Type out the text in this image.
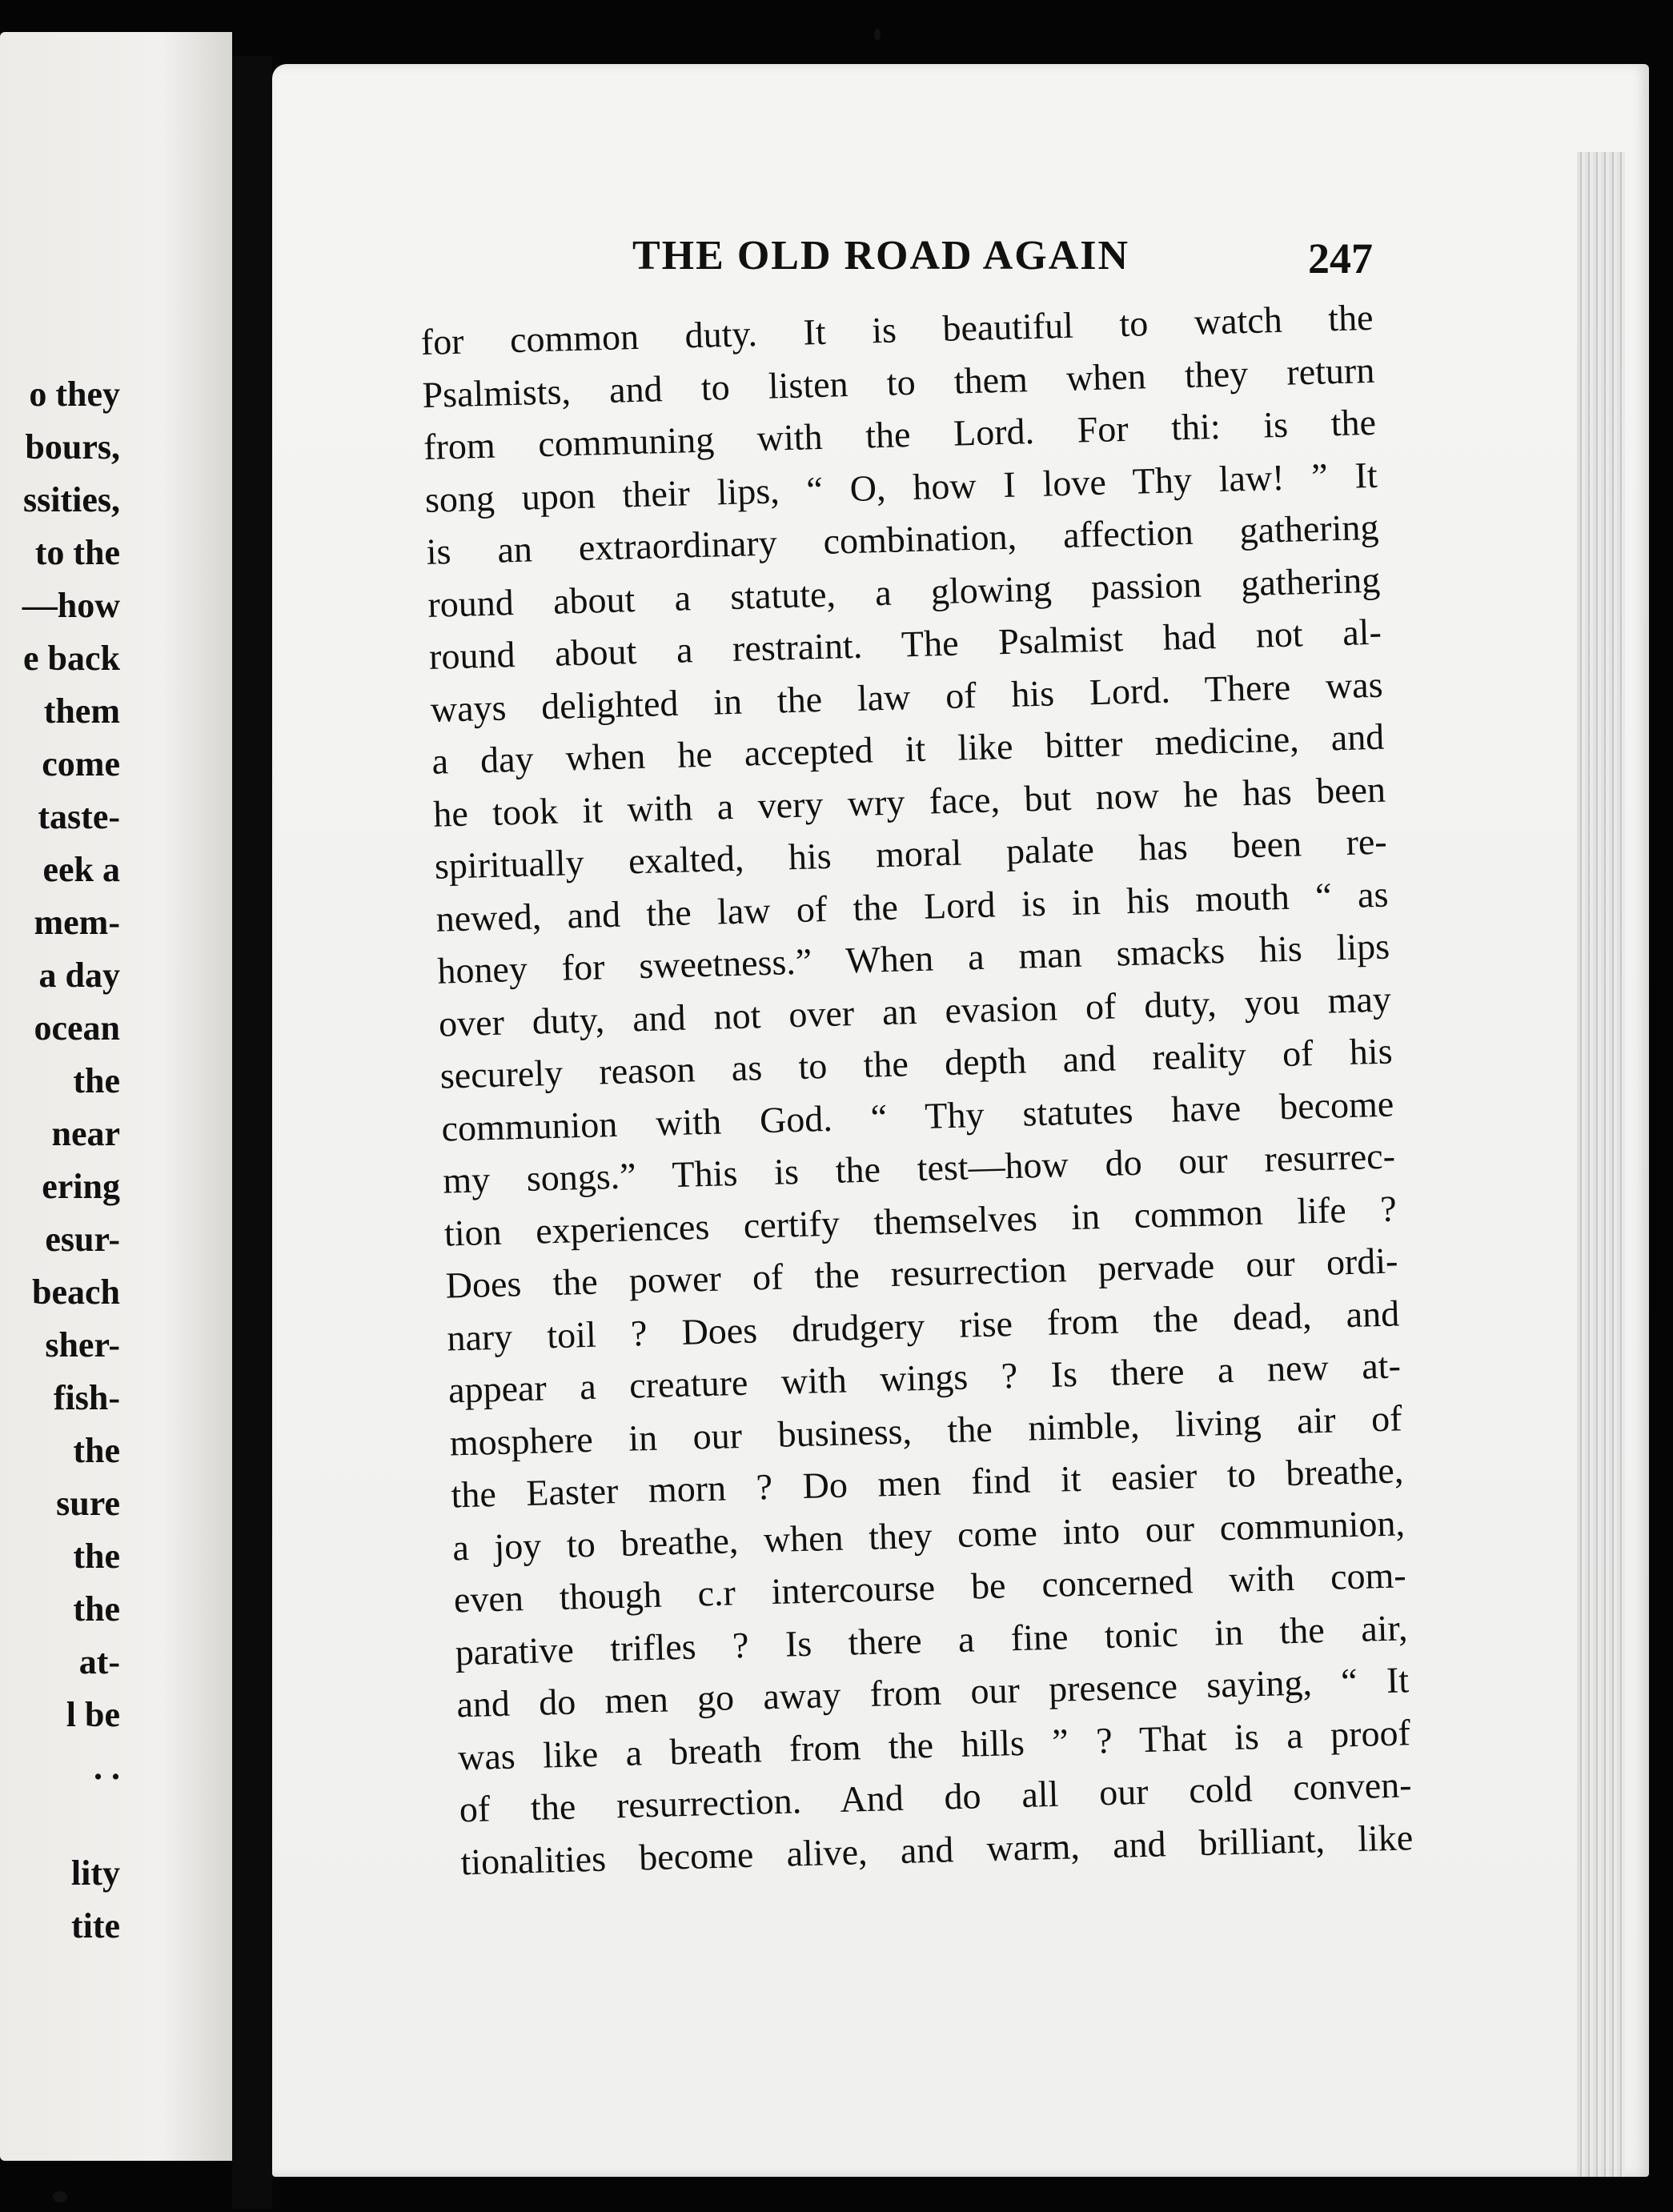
o they
bours,
ssities,
to the
—how
e back
them
come
taste-
eek a
mem-
a day
ocean
the
near
ering
esur-
beach
sher-
fish-
the
sure
the
the
at-
l be
. .

lity
tite
THE OLD ROAD AGAIN	247
for common duty. It is beautiful to watch the
Psalmists, and to listen to them when they return
from communing with the Lord. For thi: is the
song upon their lips, “ O, how I love Thy law! ” It
is an extraordinary combination, affection gathering
round about a statute, a glowing passion gathering
round about a restraint. The Psalmist had not al-
ways delighted in the law of his Lord. There was
a day when he accepted it like bitter medicine, and
he took it with a very wry face, but now he has been
spiritually exalted, his moral palate has been re-
newed, and the law of the Lord is in his mouth “ as
honey for sweetness.” When a man smacks his lips
over duty, and not over an evasion of duty, you may
securely reason as to the depth and reality of his
communion with God. “ Thy statutes have become
my songs.” This is the test—how do our resurrec-
tion experiences certify themselves in common life ?
Does the power of the resurrection pervade our ordi-
nary toil ? Does drudgery rise from the dead, and
appear a creature with wings ? Is there a new at-
mosphere in our business, the nimble, living air of
the Easter morn ? Do men find it easier to breathe,
a joy to breathe, when they come into our communion,
even though c.r intercourse be concerned with com-
parative trifles ? Is there a fine tonic in the air,
and do men go away from our presence saying, “ It
was like a breath from the hills ” ? That is a proof
of the resurrection. And do all our cold conven-
tionalities become alive, and warm, and brilliant, like
